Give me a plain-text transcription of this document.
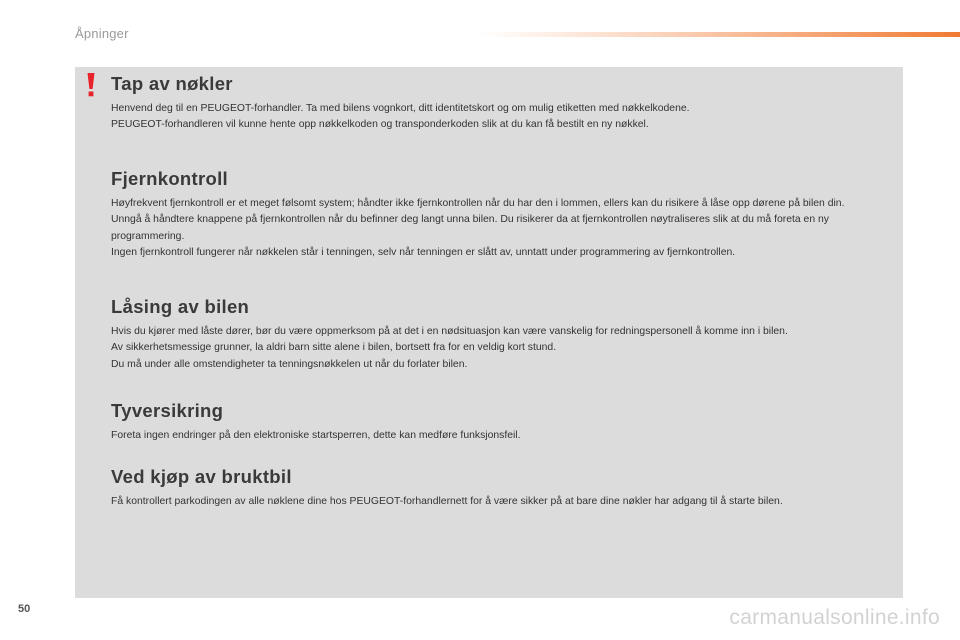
Åpninger
Tap av nøkler

Henvend deg til en PEUGEOT-forhandler. Ta med bilens vognkort, ditt identitetskort og om mulig etiketten med nøkkelkodene.

PEUGEOT-forhandleren vil kunne hente opp nøkkelkoden og transponderkoden slik at du kan få bestilt en ny nøkkel.

Fjernkontroll

Høyfrekvent fjernkontroll er et meget følsomt system; håndter ikke fjernkontrollen når du har den i lommen, ellers kan du risikere å låse opp dørene på bilen din.

Unngå å håndtere knappene på fjernkontrollen når du befinner deg langt unna bilen. Du risikerer da at fjernkontrollen nøytraliseres slik at du må foreta en ny programmering.

Ingen fjernkontroll fungerer når nøkkelen står i tenningen, selv når tenningen er slått av, unntatt under programmering av fjernkontrollen.

Låsing av bilen

Hvis du kjører med låste dører, bør du være oppmerksom på at det i en nødsituasjon kan være vanskelig for redningspersonell å komme inn i bilen.

Av sikkerhetsmessige grunner, la aldri barn sitte alene i bilen, bortsett fra for en veldig kort stund.

Du må under alle omstendigheter ta tenningsnøkkelen ut når du forlater bilen.

Tyversikring

Foreta ingen endringer på den elektroniske startsperren, dette kan medføre funksjonsfeil.

Ved kjøp av bruktbil

Få kontrollert parkodingen av alle nøklene dine hos PEUGEOT-forhandlernett for å være sikker på at bare dine nøkler har adgang til å starte bilen.

50	carmanualsonline.info
